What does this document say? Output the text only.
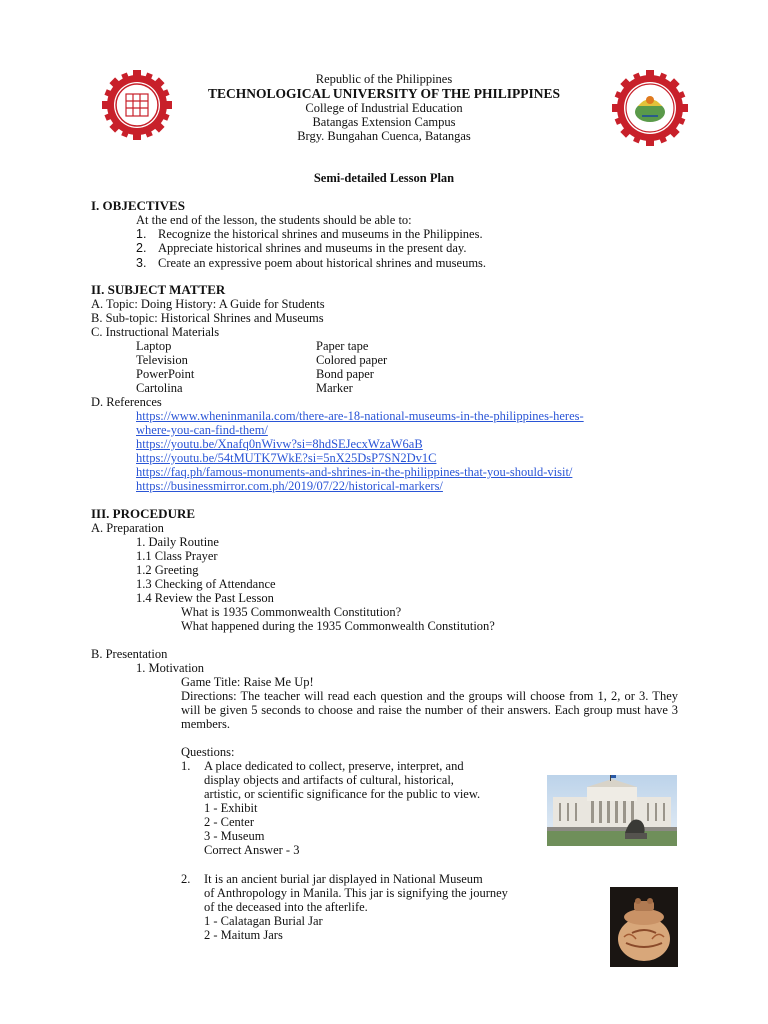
Republic of the Philippines
TECHNOLOGICAL UNIVERSITY OF THE PHILIPPINES
College of Industrial Education
Batangas Extension Campus
Brgy. Bungahan Cuenca, Batangas
Semi-detailed Lesson Plan
I. OBJECTIVES
At the end of the lesson, the students should be able to:
1. Recognize the historical shrines and museums in the Philippines.
2. Appreciate historical shrines and museums in the present day.
3. Create an expressive poem about historical shrines and museums.
II. SUBJECT MATTER
A. Topic: Doing History: A Guide for Students
B. Sub-topic: Historical Shrines and Museums
C. Instructional Materials
Laptop
Television
PowerPoint
Cartolina
Paper tape
Colored paper
Bond paper
Marker
D. References
https://www.wheninmanila.com/there-are-18-national-museums-in-the-philippines-heres-
where-you-can-find-them/
https://youtu.be/Xnafq0nWivw?si=8hdSEJecxWzaW6aB
https://youtu.be/54tMUTK7WkE?si=5nX25DsP7SN2Dv1C
https://faq.ph/famous-monuments-and-shrines-in-the-philippines-that-you-should-visit/
https://businessmirror.com.ph/2019/07/22/historical-markers/
III. PROCEDURE
A. Preparation
1. Daily Routine
1.1 Class Prayer
1.2 Greeting
1.3 Checking of Attendance
1.4 Review the Past Lesson
What is 1935 Commonwealth Constitution?
What happened during the 1935 Commonwealth Constitution?
B. Presentation
1. Motivation
Game Title: Raise Me Up!
Directions: The teacher will read each question and the groups will choose from 1, 2, or 3. They will be given 5 seconds to choose and raise the number of their answers. Each group must have 3 members.
Questions:
1. A place dedicated to collect, preserve, interpret, and
display objects and artifacts of cultural, historical,
artistic, or scientific significance for the public to view.
1 - Exhibit
2 - Center
3 - Museum
Correct Answer - 3
2. It is an ancient burial jar displayed in National Museum
of Anthropology in Manila. This jar is signifying the journey
of the deceased into the afterlife.
1 - Calatagan Burial Jar
2 - Maitum Jars
